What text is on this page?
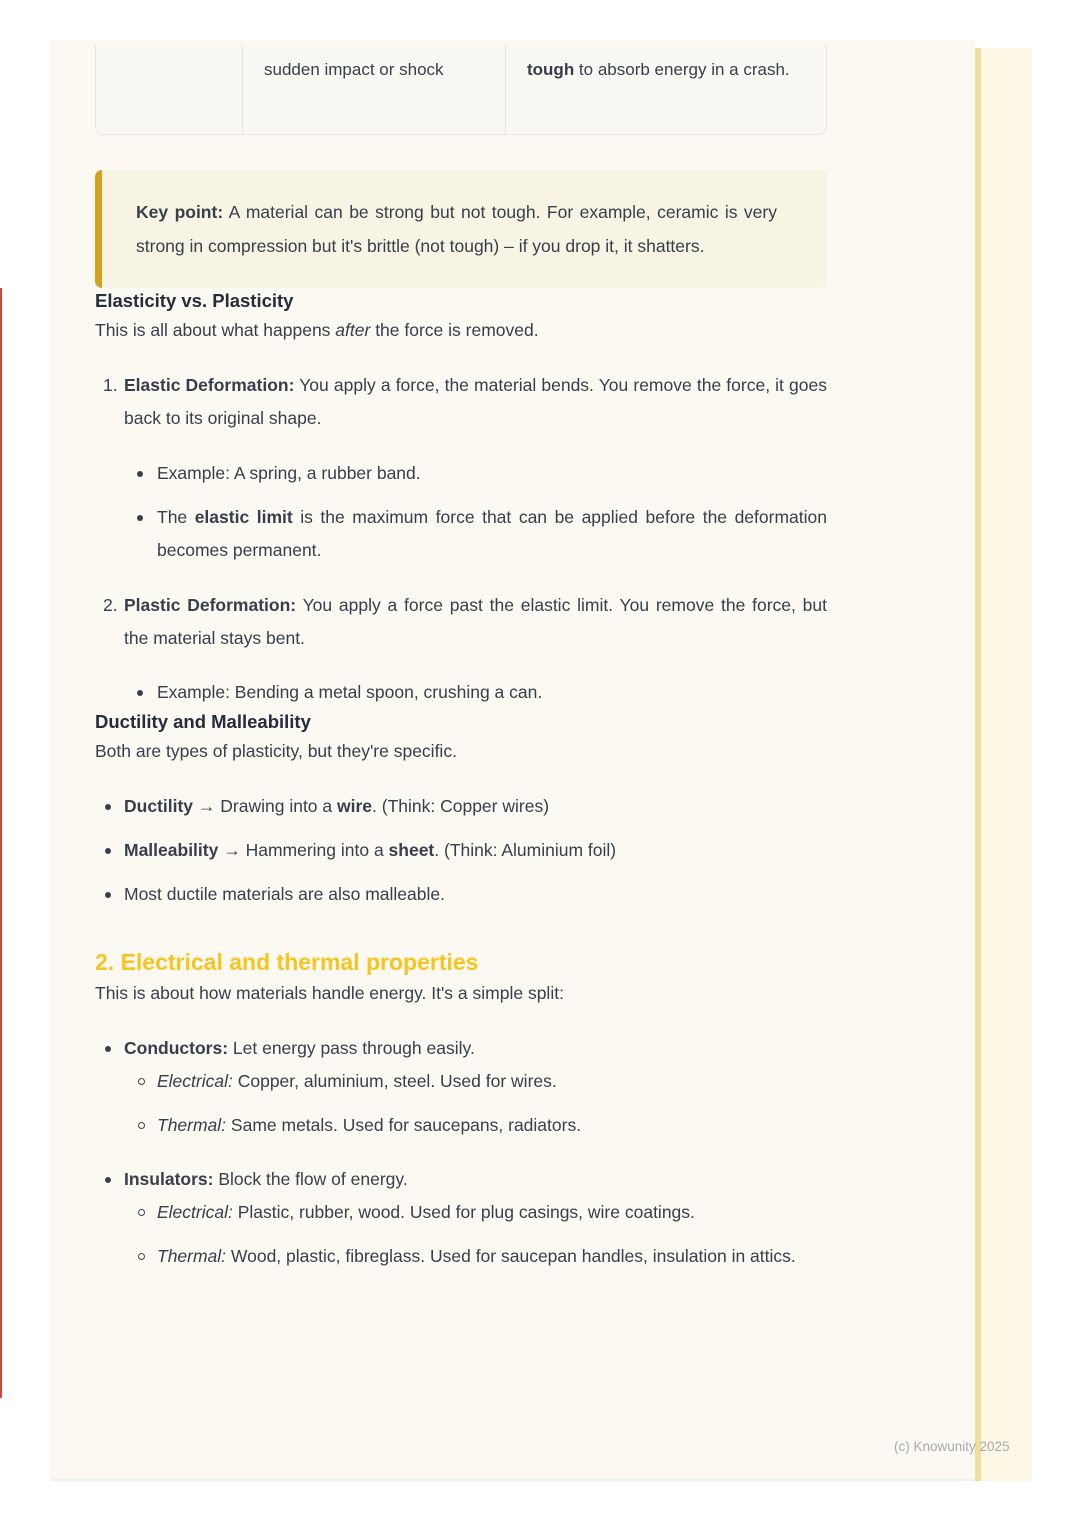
sudden impact or shock	tough to absorb energy in a crash.
Key point: A material can be strong but not tough. For example, ceramic is very strong in compression but it's brittle (not tough) – if you drop it, it shatters.
Elasticity vs. Plasticity

This is all about what happens after the force is removed.

1. Elastic Deformation: You apply a force, the material bends. You remove the force, it goes back to its original shape.
Example: A spring, a rubber band.
The elastic limit is the maximum force that can be applied before the deformation becomes permanent.
2. Plastic Deformation: You apply a force past the elastic limit. You remove the force, but the material stays bent.
Example: Bending a metal spoon, crushing a can.
Ductility and Malleability

Both are types of plasticity, but they're specific.

Ductility → Drawing into a wire. (Think: Copper wires)
Malleability → Hammering into a sheet. (Think: Aluminium foil)
Most ductile materials are also malleable.
2. Electrical and thermal properties

This is about how materials handle energy. It's a simple split:

Conductors: Let energy pass through easily.
Electrical: Copper, aluminium, steel. Used for wires.
Thermal: Same metals. Used for saucepans, radiators.
Insulators: Block the flow of energy.
Electrical: Plastic, rubber, wood. Used for plug casings, wire coatings.
Thermal: Wood, plastic, fibreglass. Used for saucepan handles, insulation in attics.
(c) Knowunity 2025
